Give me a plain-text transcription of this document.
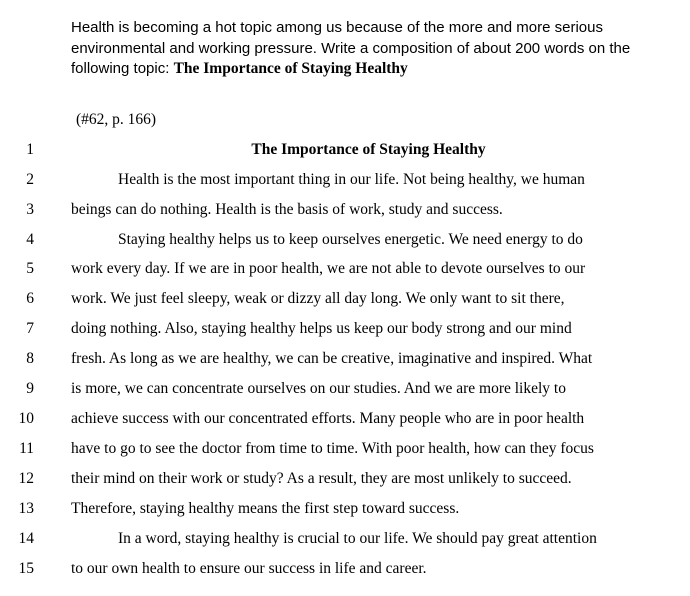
Health is becoming a hot topic among us because of the more and more serious environmental and working pressure. Write a composition of about 200 words on the following topic: The Importance of Staying Healthy
(#62, p. 166)
1	The Importance of Staying Healthy
2	Health is the most important thing in our life. Not being healthy, we human
3 beings can do nothing. Health is the basis of work, study and success.
4	Staying healthy helps us to keep ourselves energetic. We need energy to do
5 work every day. If we are in poor health, we are not able to devote ourselves to our
6 work. We just feel sleepy, weak or dizzy all day long. We only want to sit there,
7 doing nothing. Also, staying healthy helps us keep our body strong and our mind
8 fresh. As long as we are healthy, we can be creative, imaginative and inspired. What
9 is more, we can concentrate ourselves on our studies. And we are more likely to
10 achieve success with our concentrated efforts. Many people who are in poor health
11 have to go to see the doctor from time to time. With poor health, how can they focus
12 their mind on their work or study? As a result, they are most unlikely to succeed.
13 Therefore, staying healthy means the first step toward success.
14	In a word, staying healthy is crucial to our life. We should pay great attention
15 to our own health to ensure our success in life and career.
